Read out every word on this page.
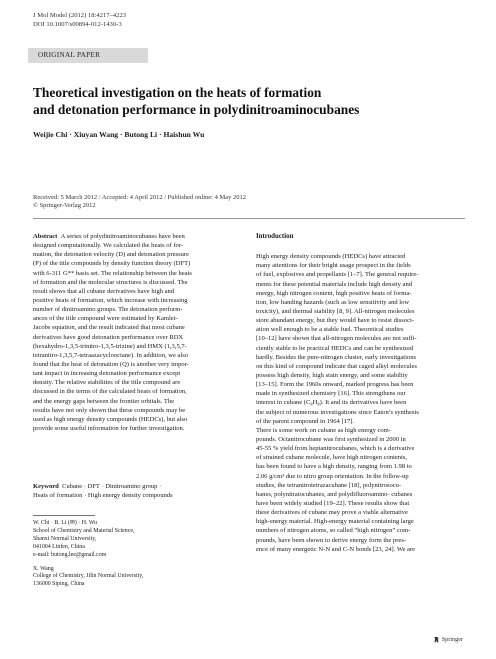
J Mol Model (2012) 18:4217–4223
DOI 10.1007/s00894-012-1430-3
ORIGINAL PAPER
Theoretical investigation on the heats of formation
and detonation performance in polydinitroaminocubanes
Weijie Chi · Xiuyan Wang · Butong Li · Haishun Wu
Received: 5 March 2012 / Accepted: 4 April 2012 / Published online: 4 May 2012
© Springer-Verlag 2012
Abstract A series of polydinitroaminocubanes have been
designed computationally. We calculated the heats of for-
mation, the detonation velocity (D) and detonation pressure
(P) of the title compounds by density function theory (DFT)
with 6-311 G** basis set. The relationship between the heats
of formation and the molecular structures is discussed. The
result shows that all cubane derivatives have high and
positive heats of formation, which increase with increasing
number of dinitroamino groups. The detonation perform-
ances of the title compound were estimated by Kamlet-
Jacobs equation, and the result indicated that most cubane
derivatives have good detonation performance over RDX
(hexahydro-1,3,5-trinitro-1,3,5-trizine) and HMX (1,3,5,7-
tetranitro-1,3,5,7-tetraazacyclooctane). In addition, we also
found that the heat of detonation (Q) is another very impor-
tant impact in increasing detonation performance except
density. The relative stabilities of the title compound are
discussed in the terms of the calculated heats of formation,
and the energy gaps between the frontier orbitals. The
results have not only shown that these compounds may be
used as high energy density compounds (HEDCs), but also
provide some useful information for further investigation.
Keyword Cubane · DFT · Dinitroamino group ·
Heats of formation · High energy density compounds
W. Chi · B. Li (✉) · H. Wu
School of Chemistry and Material Science,
Shanxi Normal University,
041004 Linfen, China
e-mail: butong.lee@gmail.com
X. Wang
College of Chemistry, Jilin Normal University,
136000 Siping, China
Introduction
High energy density compounds (HEDCs) have attracted
many attentions for their bright usage prospect in the fields
of fuel, explosives and propellants [1–7]. The general require-
ments for these potential materials include high density and
energy, high nitrogen content, high positive heats of forma-
tion, low handing hazards (such as low sensitivity and low
toxicity), and thermal stability [8, 9]. All-nitrogen molecules
store abundant energy, but they would have to resist dissoci-
ation well enough to be a stable fuel. Theoretical studies
[10–12] have shown that all-nitrogen molecules are not suffi-
ciently stable to be practical HEDCs and can be synthesized
hardly. Besides the pure-nitrogen cluster, early investigations
on this kind of compound indicate that caged alkyl molecules
possess high density, high stain energy, and some stability
[13–15]. Form the 1960s onward, marked progress has been
made in synthesized chemistry [16]. This strengthens our
interest in cubane (C₈H₈). It and its derivatives have been
the subject of numerous investigations since Eaton’s synthesis
of the parent compound in 1964 [17].
There is some work on cubane as high energy com-
pounds. Octanitrocubane was first synthesized in 2000 in
45-55 % yield from heptanitrocubanes, which is a derivative
of strained cubane molecule, have high nitrogen contents,
has been found to have a high density, ranging from 1.98 to
2.06 g/cm³ due to nitro group orientation. In the follow-up
studies, the tetranitrotetrazacubane [18], polynitrosocu-
banes, polynitratocubanes, and polydifluoroamino- cubanes
have been widely studied [19–22]. These results show that
these derivatives of cubane may prove a viable alternative
high-energy material. High-energy material containing large
numbers of nitrogen atoms, so called “high nitrogen” com-
pounds, have been shown to derive energy form the pres-
ence of many energetic N-N and C-N bonds [23, 24]. We are
Springer
